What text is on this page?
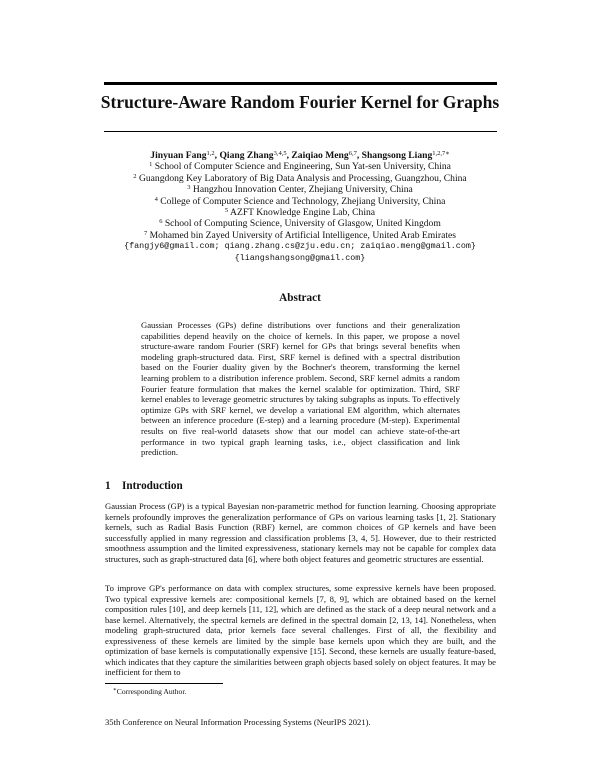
Structure-Aware Random Fourier Kernel for Graphs
Jinyuan Fang$^{1,2}$, Qiang Zhang$^{3,4,5}$, Zaiqiao Meng$^{6,7}$, Shangsong Liang$^{1,2,7∗}$
$^1$ School of Computer Science and Engineering, Sun Yat-sen University, China
$^2$ Guangdong Key Laboratory of Big Data Analysis and Processing, Guangzhou, China
$^3$ Hangzhou Innovation Center, Zhejiang University, China
$^4$ College of Computer Science and Technology, Zhejiang University, China
$^5$ AZFT Knowledge Engine Lab, China
$^6$ School of Computing Science, University of Glasgow, United Kingdom
$^7$ Mohamed bin Zayed University of Artificial Intelligence, United Arab Emirates
{fangjy6@gmail.com; qiang.zhang.cs@zju.edu.cn; zaiqiao.meng@gmail.com}
{liangshangsong@gmail.com}
Abstract
Gaussian Processes (GPs) define distributions over functions and their generalization capabilities depend heavily on the choice of kernels. In this paper, we propose a novel structure-aware random Fourier (SRF) kernel for GPs that brings several benefits when modeling graph-structured data. First, SRF kernel is defined with a spectral distribution based on the Fourier duality given by the Bochner's theorem, transforming the kernel learning problem to a distribution inference problem. Second, SRF kernel admits a random Fourier feature formulation that makes the kernel scalable for optimization. Third, SRF kernel enables to leverage geometric structures by taking subgraphs as inputs. To effectively optimize GPs with SRF kernel, we develop a variational EM algorithm, which alternates between an inference procedure (E-step) and a learning procedure (M-step). Experimental results on five real-world datasets show that our model can achieve state-of-the-art performance in two typical graph learning tasks, i.e., object classification and link prediction.
1 Introduction
Gaussian Process (GP) is a typical Bayesian non-parametric method for function learning. Choosing appropriate kernels profoundly improves the generalization performance of GPs on various learning tasks [1, 2]. Stationary kernels, such as Radial Basis Function (RBF) kernel, are common choices of GP kernels and have been successfully applied in many regression and classification problems [3, 4, 5]. However, due to their restricted smoothness assumption and the limited expressiveness, stationary kernels may not be capable for complex data structures, such as graph-structured data [6], where both object features and geometric structures are essential.
To improve GP's performance on data with complex structures, some expressive kernels have been proposed. Two typical expressive kernels are: compositional kernels [7, 8, 9], which are obtained based on the kernel composition rules [10], and deep kernels [11, 12], which are defined as the stack of a deep neural network and a base kernel. Alternatively, the spectral kernels are defined in the spectral domain [2, 13, 14]. Nonetheless, when modeling graph-structured data, prior kernels face several challenges. First of all, the flexibility and expressiveness of these kernels are limited by the simple base kernels upon which they are built, and the optimization of base kernels is computationally expensive [15]. Second, these kernels are usually feature-based, which indicates that they capture the similarities between graph objects based solely on object features. It may be inefficient for them to
∗Corresponding Author.
35th Conference on Neural Information Processing Systems (NeurIPS 2021).
